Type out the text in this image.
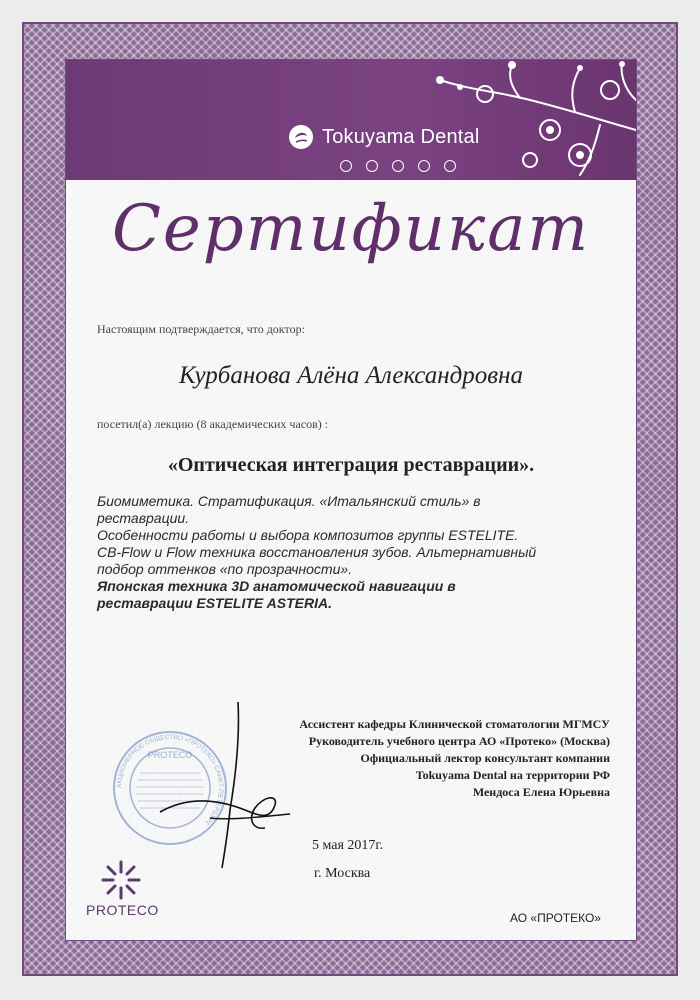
Tokuyama Dental
Сертификат
Настоящим подтверждается, что доктор:
Курбанова Алёна Александровна
посетил(а) лекцию (8 академических часов) :
«Оптическая интеграция реставрации».

Биомиметика. Стратификация. «Итальянский стиль» в

реставрации.

Особенности работы и выбора композитов группы ESTELITE.

CB-Flow и Flow техника восстановления зубов. Альтернативный

подбор оттенков «по прозрачности».

Японская техника 3D анатомической навигации в

реставрации ESTELITE ASTERIA.

PROTECO
АКЦИОНЕРНОЕ ОБЩЕСТВО «ПРОТЕКО» САНКТ-ПЕТЕРБУРГ
Ассистент кафедры Клинической стоматологии МГМСУ
Руководитель учебного центра АО «Протеко» (Москва)
Официальный лектор консультант компании
Tokuyama Dental на территории РФ
Мендоса Елена Юрьевна
5 мая 2017г.
г. Москва
PROTECO	АО «ПРОТЕКО»
